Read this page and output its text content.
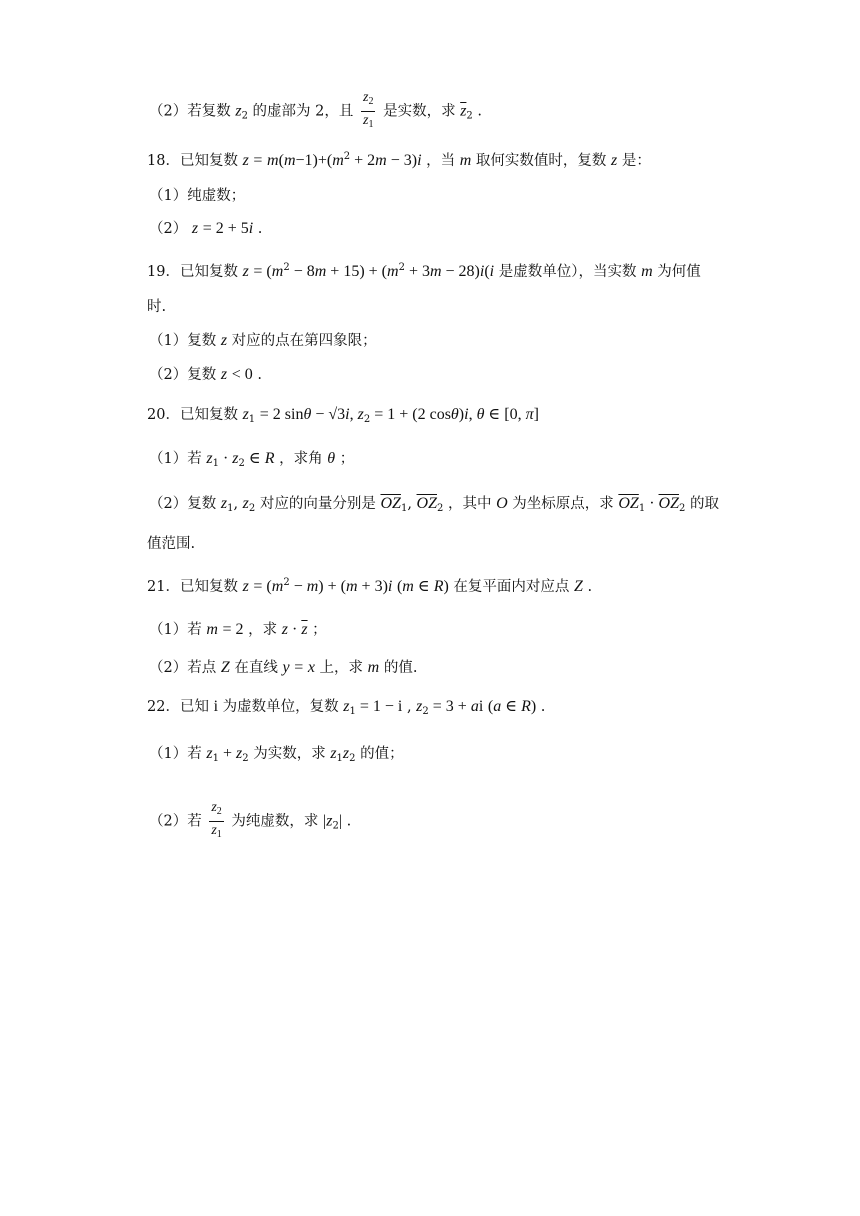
（2）若复数 $z_2$ 的虚部为 2，且 $\frac{z_2}{z_1}$ 是实数，求 $\overline{z}_2$ .
18．已知复数 $z = m(m-1)+(m^2 + 2m - 3)i$ ，当 m 取何实数值时，复数 z 是：
（1）纯虚数；
（2） z = 2 + 5i .
19．已知复数 $z = (m^2 - 8m + 15) + (m^2 + 3m - 28)i(i$ 是虚数单位），当实数 m 为何值
时.
（1）复数 z 对应的点在第四象限；
（2）复数 z < 0 .
20．已知复数 $z_1 = 2$ sinθ − √3i, $z_2 = 1 + (2$ cosθ)i, θ ∈ [0, π]
（1）若 $z_1 \cdot z_2$ ∈ R ，求角 θ ；
（2）复数 $z_1$, $z_2$ 对应的向量分别是 $\overline{OZ}_1$, $\overline{OZ}_2$ ，其中 O 为坐标原点，求 $\overline{OZ}_1 \cdot \overline{OZ}_2$ 的取
值范围.
21．已知复数 $z = (m^2 - m) + (m + 3)i$ (m ∈ R) 在复平面内对应点 Z .
（1）若 m = 2 ，求 $z \cdot \overline{z}$ ；
（2）若点 Z 在直线 y = x 上，求 m 的值.
22．已知 i 为虚数单位，复数 $z_1 = 1 - i$ , $z_2 = 3$ + ai (a ∈ R) .
（1）若 $z_1 + z_2$ 为实数，求 $z_1z_2$ 的值；
（2）若 $\frac{z_2}{z_1}$ 为纯虚数，求 $|z_2|$ .
